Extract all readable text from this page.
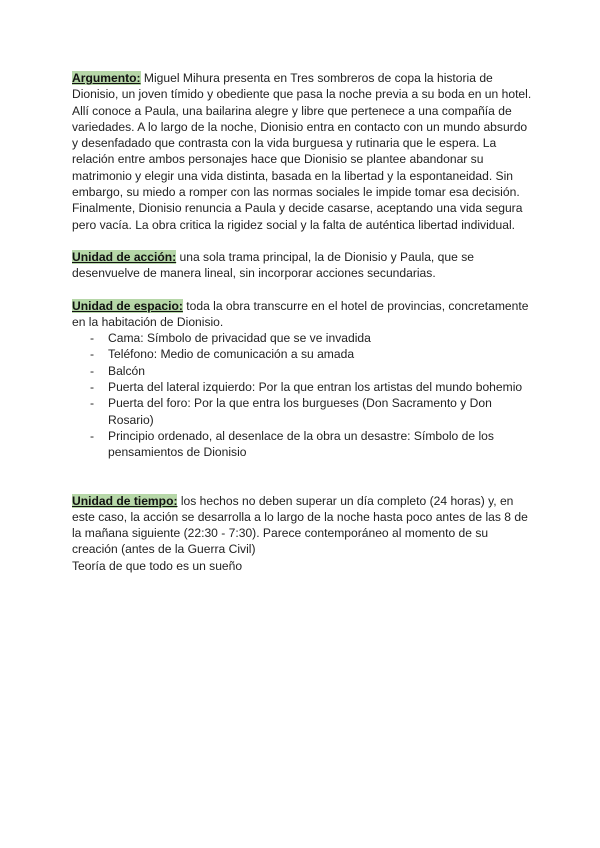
Argumento: Miguel Mihura presenta en Tres sombreros de copa la historia de Dionisio, un joven tímido y obediente que pasa la noche previa a su boda en un hotel. Allí conoce a Paula, una bailarina alegre y libre que pertenece a una compañía de variedades. A lo largo de la noche, Dionisio entra en contacto con un mundo absurdo y desenfadado que contrasta con la vida burguesa y rutinaria que le espera. La relación entre ambos personajes hace que Dionisio se plantee abandonar su matrimonio y elegir una vida distinta, basada en la libertad y la espontaneidad. Sin embargo, su miedo a romper con las normas sociales le impide tomar esa decisión. Finalmente, Dionisio renuncia a Paula y decide casarse, aceptando una vida segura pero vacía. La obra critica la rigidez social y la falta de auténtica libertad individual.

Unidad de acción: una sola trama principal, la de Dionisio y Paula, que se desenvuelve de manera lineal, sin incorporar acciones secundarias.

Unidad de espacio: toda la obra transcurre en el hotel de provincias, concretamente en la habitación de Dionisio.

- Cama: Símbolo de privacidad que se ve invadida
- Teléfono: Medio de comunicación a su amada
- Balcón
- Puerta del lateral izquierdo: Por la que entran los artistas del mundo bohemio
- Puerta del foro: Por la que entra los burgueses (Don Sacramento y Don Rosario)
- Principio ordenado, al desenlace de la obra un desastre: Símbolo de los pensamientos de Dionisio

Unidad de tiempo: los hechos no deben superar un día completo (24 horas) y, en este caso, la acción se desarrolla a lo largo de la noche hasta poco antes de las 8 de la mañana siguiente (22:30 - 7:30). Parece contemporáneo al momento de su creación (antes de la Guerra Civil)

Teoría de que todo es un sueño
